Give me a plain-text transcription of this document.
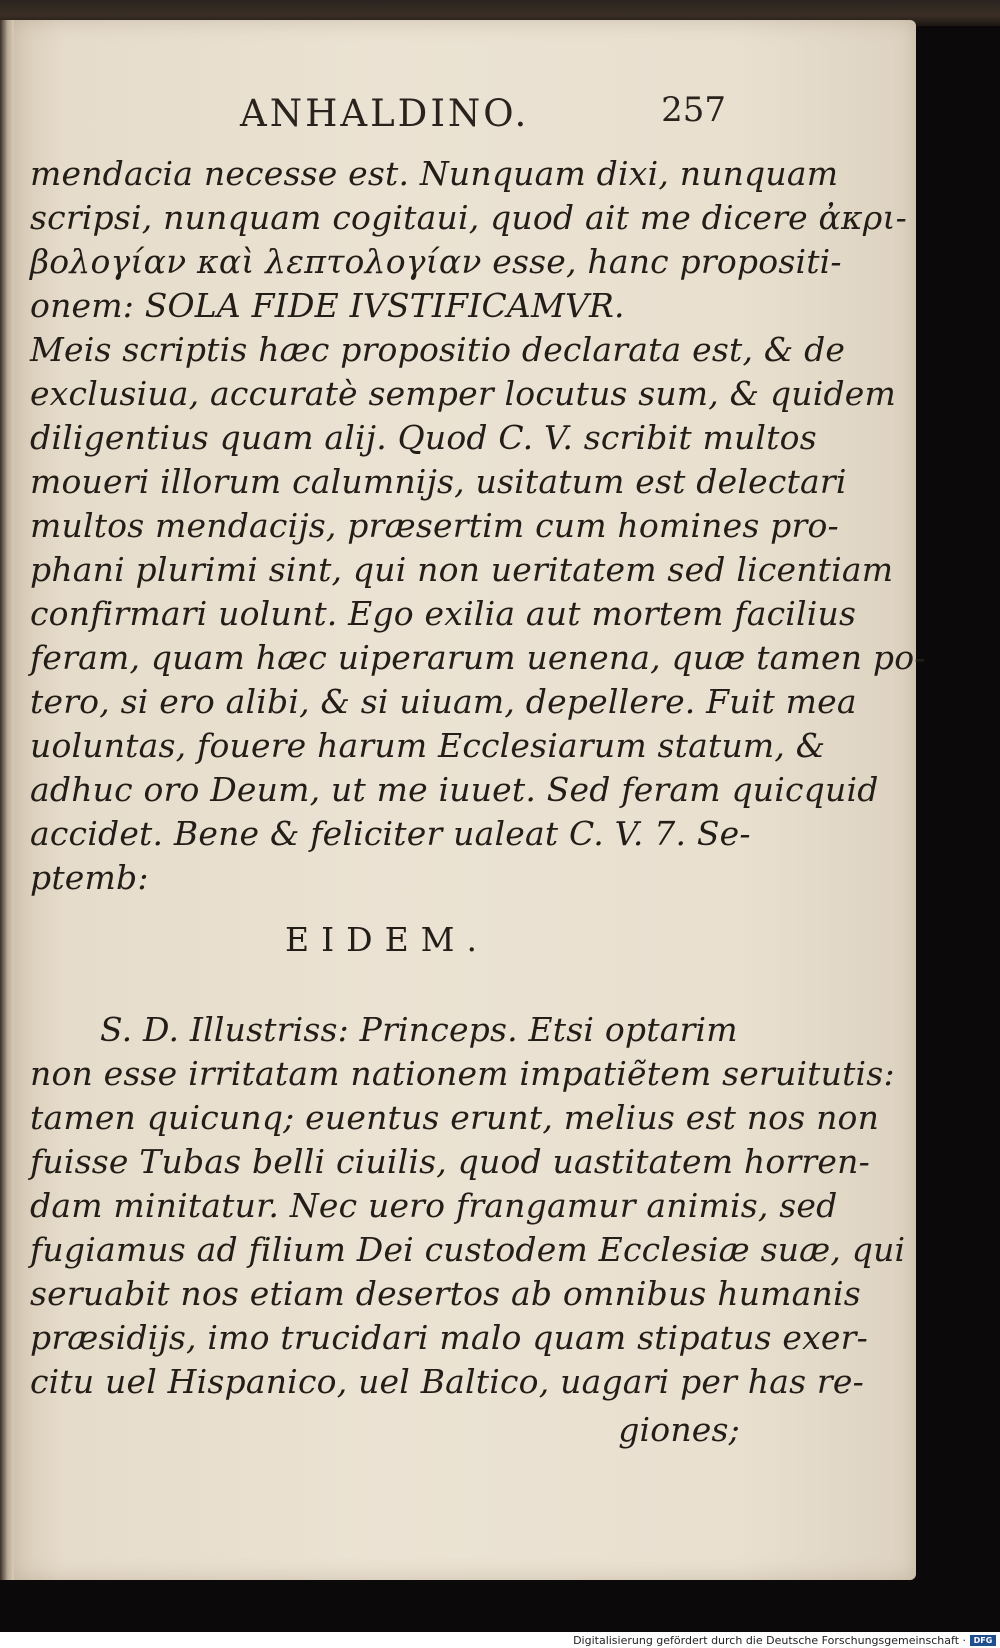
ANHALDINO.	257
mendacia necesse est. Nunquam dixi, nunquam
scripsi, nunquam cogitaui, quod ait me dicere ἀκρι-
βολογίαν καὶ λεπτολογίαν esse, hanc propositi-
onem: SOLA FIDE IVSTIFICAMVR.
Meis scriptis hæc propositio declarata est, & de
exclusiua, accuratè semper locutus sum, & quidem
diligentius quam alij. Quod C. V. scribit multos
moueri illorum calumnijs, usitatum est delectari
multos mendacijs, præsertim cum homines pro-
phani plurimi sint, qui non ueritatem sed licentiam
confirmari uolunt. Ego exilia aut mortem facilius
feram, quam hæc uiperarum uenena, quæ tamen po-
tero, si ero alibi, & si uiuam, depellere. Fuit mea
uoluntas, fouere harum Ecclesiarum statum, &
adhuc oro Deum, ut me iuuet. Sed feram quicquid
accidet. Bene & feliciter ualeat C. V. 7. Se-
ptemb:
EIDEM.
S. D. Illustriss: Princeps. Etsi optarim
non esse irritatam nationem impatiẽtem seruitutis:
tamen quicunq; euentus erunt, melius est nos non
fuisse Tubas belli ciuilis, quod uastitatem horren-
dam minitatur. Nec uero frangamur animis, sed
fugiamus ad filium Dei custodem Ecclesiæ suæ, qui
seruabit nos etiam desertos ab omnibus humanis
præsidijs, imo trucidari malo quam stipatus exer-
citu uel Hispanico, uel Baltico, uagari per has re-
giones;
Digitalisierung gefördert durch die Deutsche Forschungsgemeinschaft · DFG
